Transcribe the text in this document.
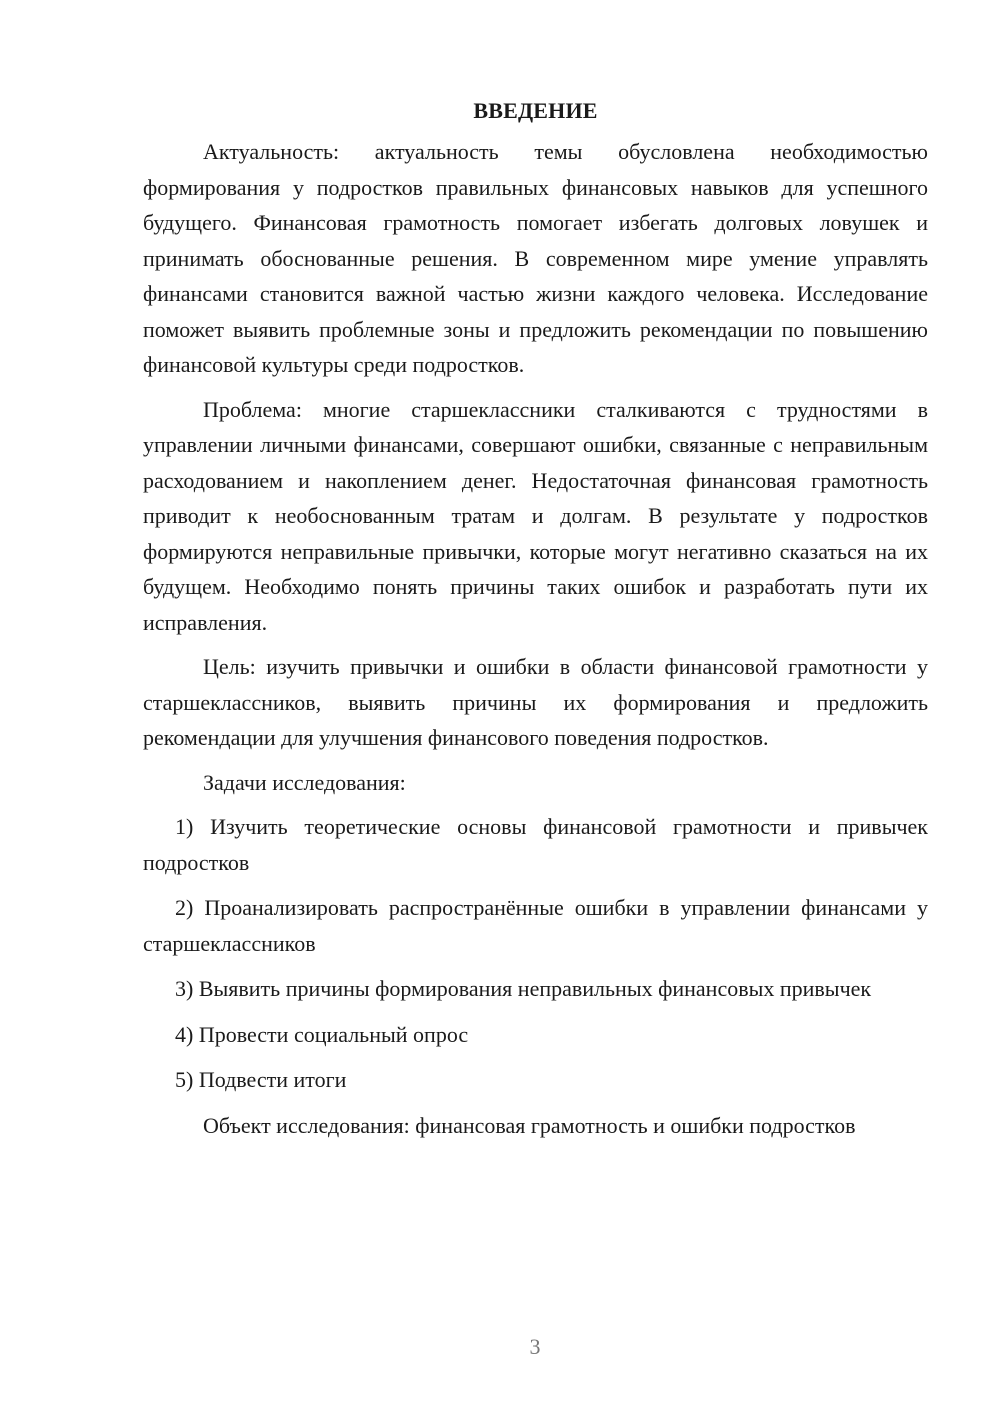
ВВЕДЕНИЕ

Актуальность: актуальность темы обусловлена необходимостью формирования у подростков правильных финансовых навыков для успешного будущего. Финансовая грамотность помогает избегать долговых ловушек и принимать обоснованные решения. В современном мире умение управлять финансами становится важной частью жизни каждого человека. Исследование поможет выявить проблемные зоны и предложить рекомендации по повышению финансовой культуры среди подростков.

Проблема: многие старшеклассники сталкиваются с трудностями в управлении личными финансами, совершают ошибки, связанные с неправильным расходованием и накоплением денег. Недостаточная финансовая грамотность приводит к необоснованным тратам и долгам. В результате у подростков формируются неправильные привычки, которые могут негативно сказаться на их будущем. Необходимо понять причины таких ошибок и разработать пути их исправления.

Цель: изучить привычки и ошибки в области финансовой грамотности у старшеклассников, выявить причины их формирования и предложить рекомендации для улучшения финансового поведения подростков.

Задачи исследования:

1) Изучить теоретические основы финансовой грамотности и привычек подростков

2) Проанализировать распространённые ошибки в управлении финансами у старшеклассников

3) Выявить причины формирования неправильных финансовых привычек

4) Провести социальный опрос

5) Подвести итоги

Объект исследования: финансовая грамотность и ошибки подростков

3
